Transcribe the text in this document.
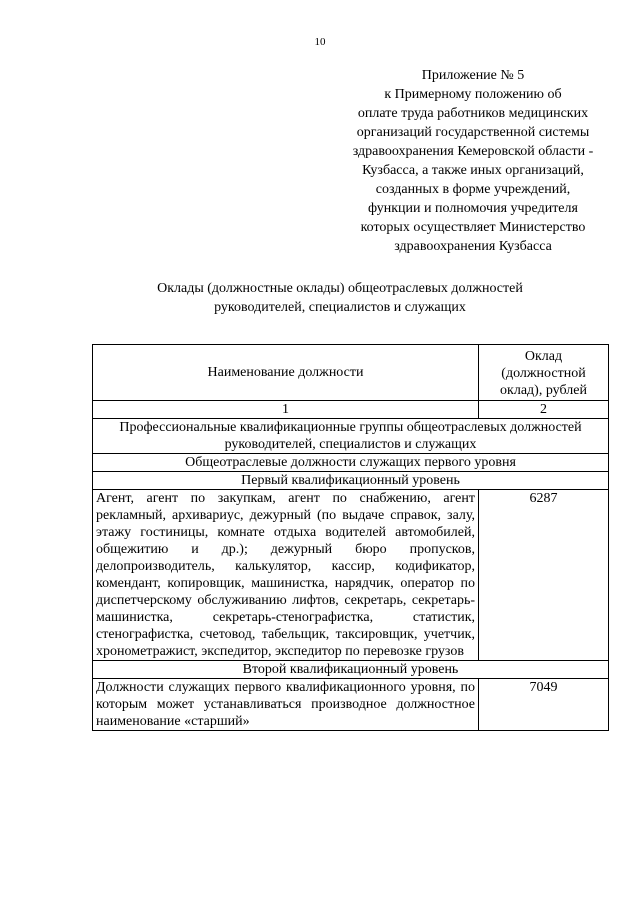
10
Приложение № 5
к Примерному положению об
оплате труда работников медицинских
организаций государственной системы
здравоохранения Кемеровской области -
Кузбасса, а также иных организаций,
созданных в форме учреждений,
функции и полномочия учредителя
которых осуществляет Министерство
здравоохранения Кузбасса
Оклады (должностные оклады) общеотраслевых должностей
руководителей, специалистов и служащих
Наименование должности	Оклад
(должностной
оклад), рублей

1	2
Профессиональные квалификационные группы общеотраслевых должностей руководителей, специалистов и служащих	
Общеотраслевые должности служащих первого уровня	
Первый квалификационный уровень	
Агент, агент по закупкам, агент по снабжению, агент рекламный, архивариус, дежурный (по выдаче справок, залу, этажу гостиницы, комнате отдыха водителей автомобилей, общежитию и др.); дежурный бюро пропусков, делопроизводитель, калькулятор, кассир, кодификатор, комендант, копировщик, машинистка, нарядчик, оператор по диспетчерскому обслуживанию лифтов, секретарь, секретарь-машинистка, секретарь-стенографистка, статистик, стенографистка, счетовод, табельщик, таксировщик, учетчик, хронометражист, экспедитор, экспедитор по перевозке грузов	6287
Второй квалификационный уровень	
Должности служащих первого квалификационного уровня, по которым может устанавливаться производное должностное наименование «старший»	7049
